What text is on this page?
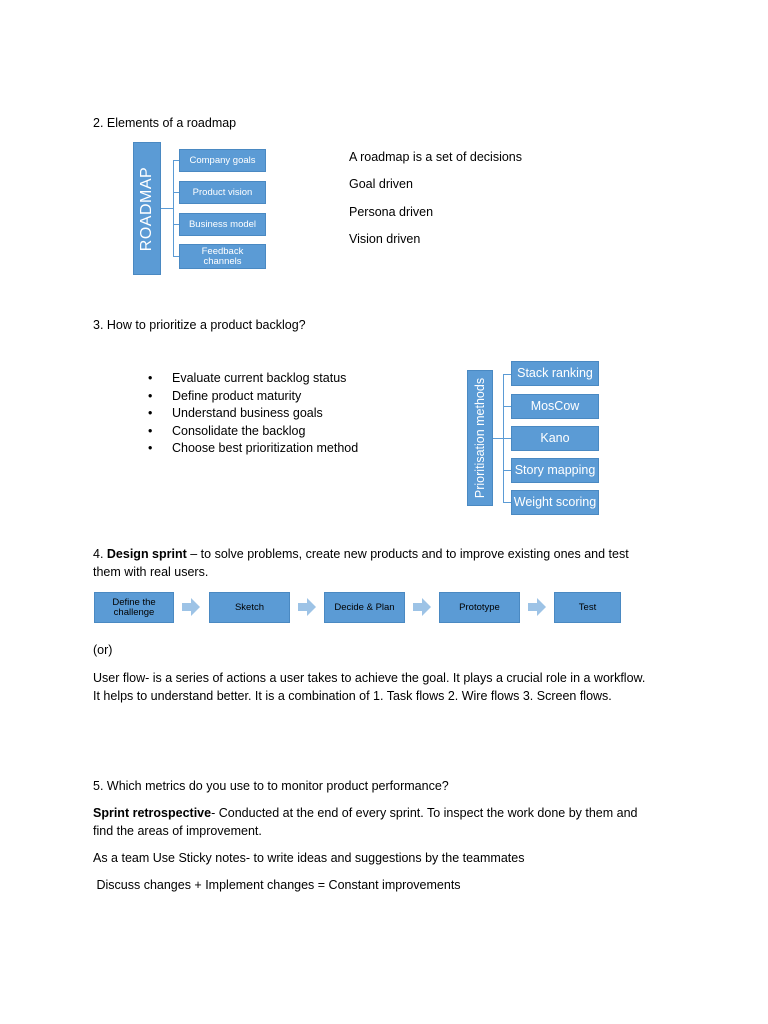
2. Elements of a roadmap
ROADMAP
Company goals
Product vision
Business model
Feedback channels
A roadmap is a set of decisions
Goal driven
Persona driven
Vision driven
3. How to prioritize a product backlog?
• Evaluate current backlog status
• Define product maturity
• Understand business goals
• Consolidate the backlog
• Choose best prioritization method	Prioritisation methods
Stack ranking
MosCow
Kano
Story mapping
Weight scoring
4. Design sprint – to solve problems, create new products and to improve existing ones and test
them with real users.
Define the challenge	Sketch	Decide & Plan	Prototype	Test
(or)
User flow- is a series of actions a user takes to achieve the goal. It plays a crucial role in a workflow.
It helps to understand better. It is a combination of 1. Task flows 2. Wire flows 3. Screen flows.
5. Which metrics do you use to to monitor product performance?
Sprint retrospective- Conducted at the end of every sprint. To inspect the work done by them and
find the areas of improvement.
As a team Use Sticky notes- to write ideas and suggestions by the teammates
Discuss changes + Implement changes = Constant improvements
